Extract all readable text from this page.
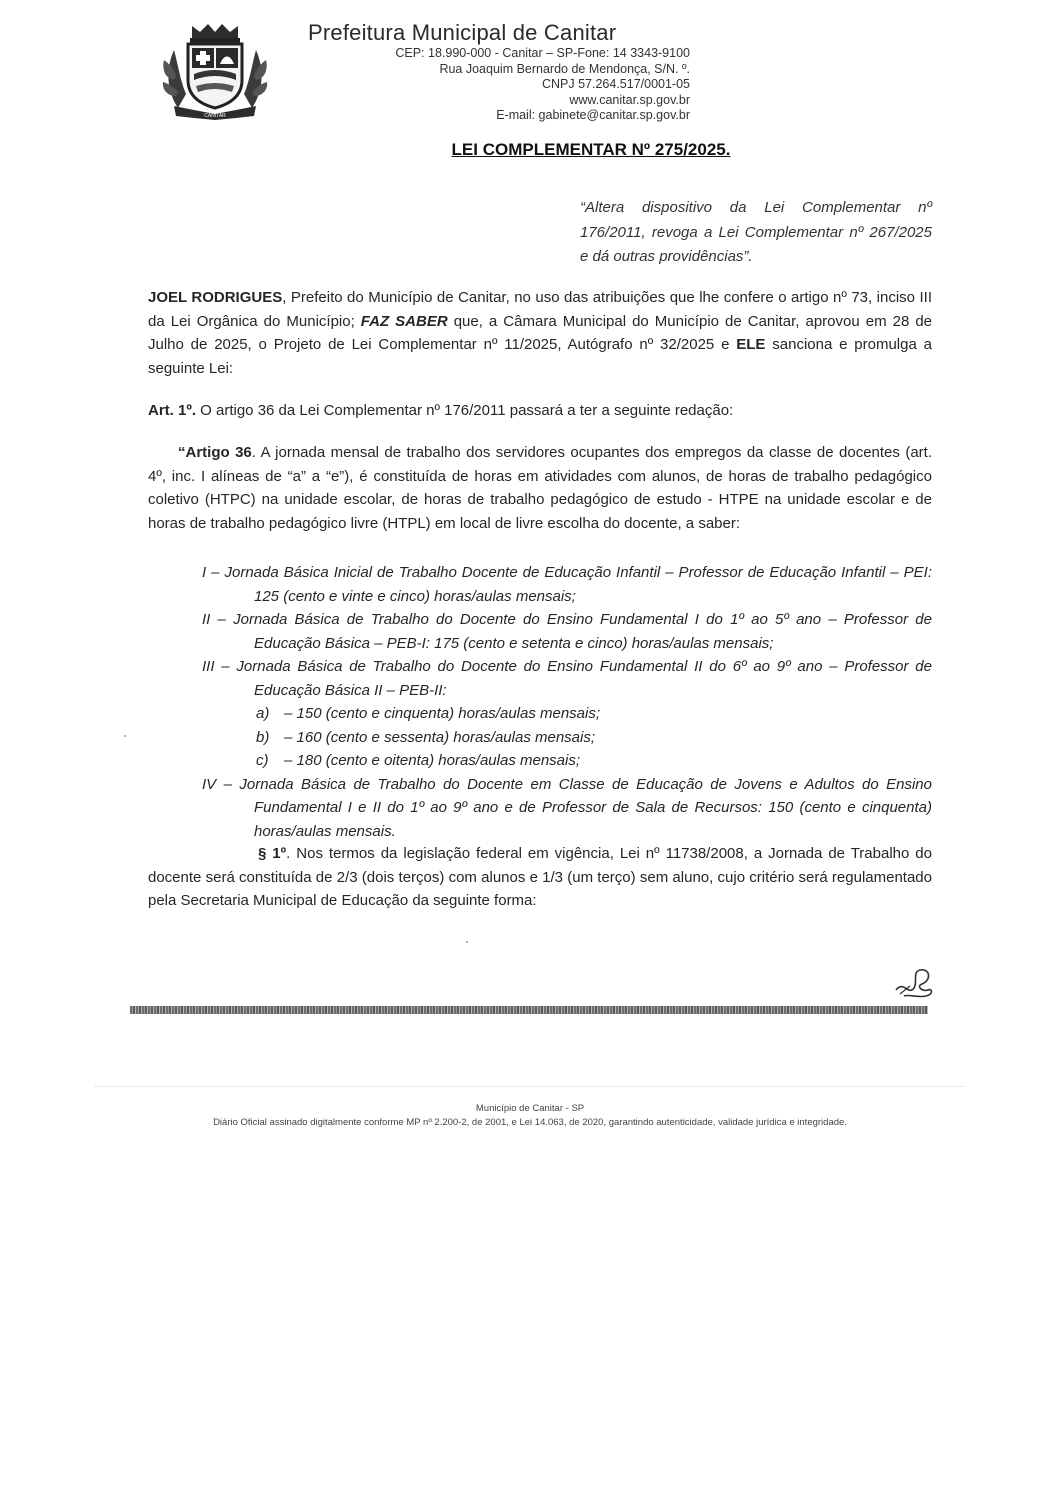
CANITAR
Prefeitura Municipal de Canitar
CEP: 18.990-000 - Canitar – SP-Fone: 14 3343-9100
Rua Joaquim Bernardo de Mendonça, S/N. º.
CNPJ 57.264.517/0001-05
www.canitar.sp.gov.br
E-mail: gabinete@canitar.sp.gov.br
LEI COMPLEMENTAR Nº 275/2025.
“Altera dispositivo da Lei Complementar nº 176/2011, revoga a Lei Complementar nº 267/2025 e dá outras providências”.
JOEL RODRIGUES, Prefeito do Município de Canitar, no uso das atribuições que lhe confere o artigo nº 73, inciso III da Lei Orgânica do Município; FAZ SABER que, a Câmara Municipal do Município de Canitar, aprovou em 28 de Julho de 2025, o Projeto de Lei Complementar nº 11/2025, Autógrafo nº 32/2025 e ELE sanciona e promulga a seguinte Lei:
Art. 1º. O artigo 36 da Lei Complementar nº 176/2011 passará a ter a seguinte redação:
“Artigo 36. A jornada mensal de trabalho dos servidores ocupantes dos empregos da classe de docentes (art. 4º, inc. I alíneas de “a” a “e”), é constituída de horas em atividades com alunos, de horas de trabalho pedagógico coletivo (HTPC) na unidade escolar, de horas de trabalho pedagógico de estudo - HTPE na unidade escolar e de horas de trabalho pedagógico livre (HTPL) em local de livre escolha do docente, a saber:
I – Jornada Básica Inicial de Trabalho Docente de Educação Infantil – Professor de Educação Infantil – PEI: 125 (cento e vinte e cinco) horas/aulas mensais;
II – Jornada Básica de Trabalho do Docente do Ensino Fundamental I do 1º ao 5º ano – Professor de Educação Básica – PEB-I: 175 (cento e setenta e cinco) horas/aulas mensais;
III – Jornada Básica de Trabalho do Docente do Ensino Fundamental II do 6º ao 9º ano – Professor de Educação Básica II – PEB-II:
a) – 150 (cento e cinquenta) horas/aulas mensais;
b) – 160 (cento e sessenta) horas/aulas mensais;
c) – 180 (cento e oitenta) horas/aulas mensais;
IV – Jornada Básica de Trabalho do Docente em Classe de Educação de Jovens e Adultos do Ensino Fundamental I e II do 1º ao 9º ano e de Professor de Sala de Recursos: 150 (cento e cinquenta) horas/aulas mensais.
§ 1º. Nos termos da legislação federal em vigência, Lei nº 11738/2008, a Jornada de Trabalho do docente será constituída de 2/3 (dois terços) com alunos e 1/3 (um terço) sem aluno, cujo critério será regulamentado pela Secretaria Municipal de Educação da seguinte forma:
Município de Canitar - SP
Diário Oficial assinado digitalmente conforme MP nº 2.200-2, de 2001, e Lei 14.063, de 2020, garantindo autenticidade, validade jurídica e integridade.
